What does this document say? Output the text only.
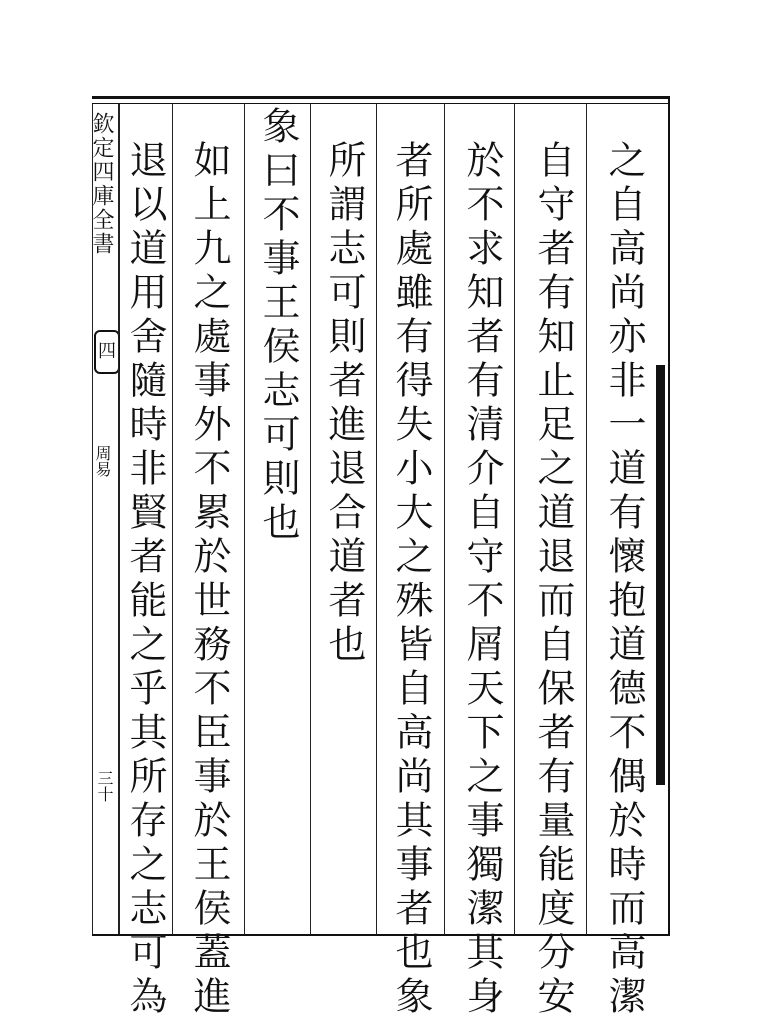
欽定四庫全書
四
周易
三十	之自高尚亦非一道有懷抱道德不偶於時而高潔
自守者有知止足之道退而自保者有量能度分安
於不求知者有清介自守不屑天下之事獨潔其身
者所處雖有得失小大之殊皆自高尚其事者也象
所謂志可則者進退合道者也
象曰不事王侯志可則也
如上九之處事外不累於世務不臣事於王侯蓋進
退以道用舍隨時非賢者能之乎其所存之志可為
